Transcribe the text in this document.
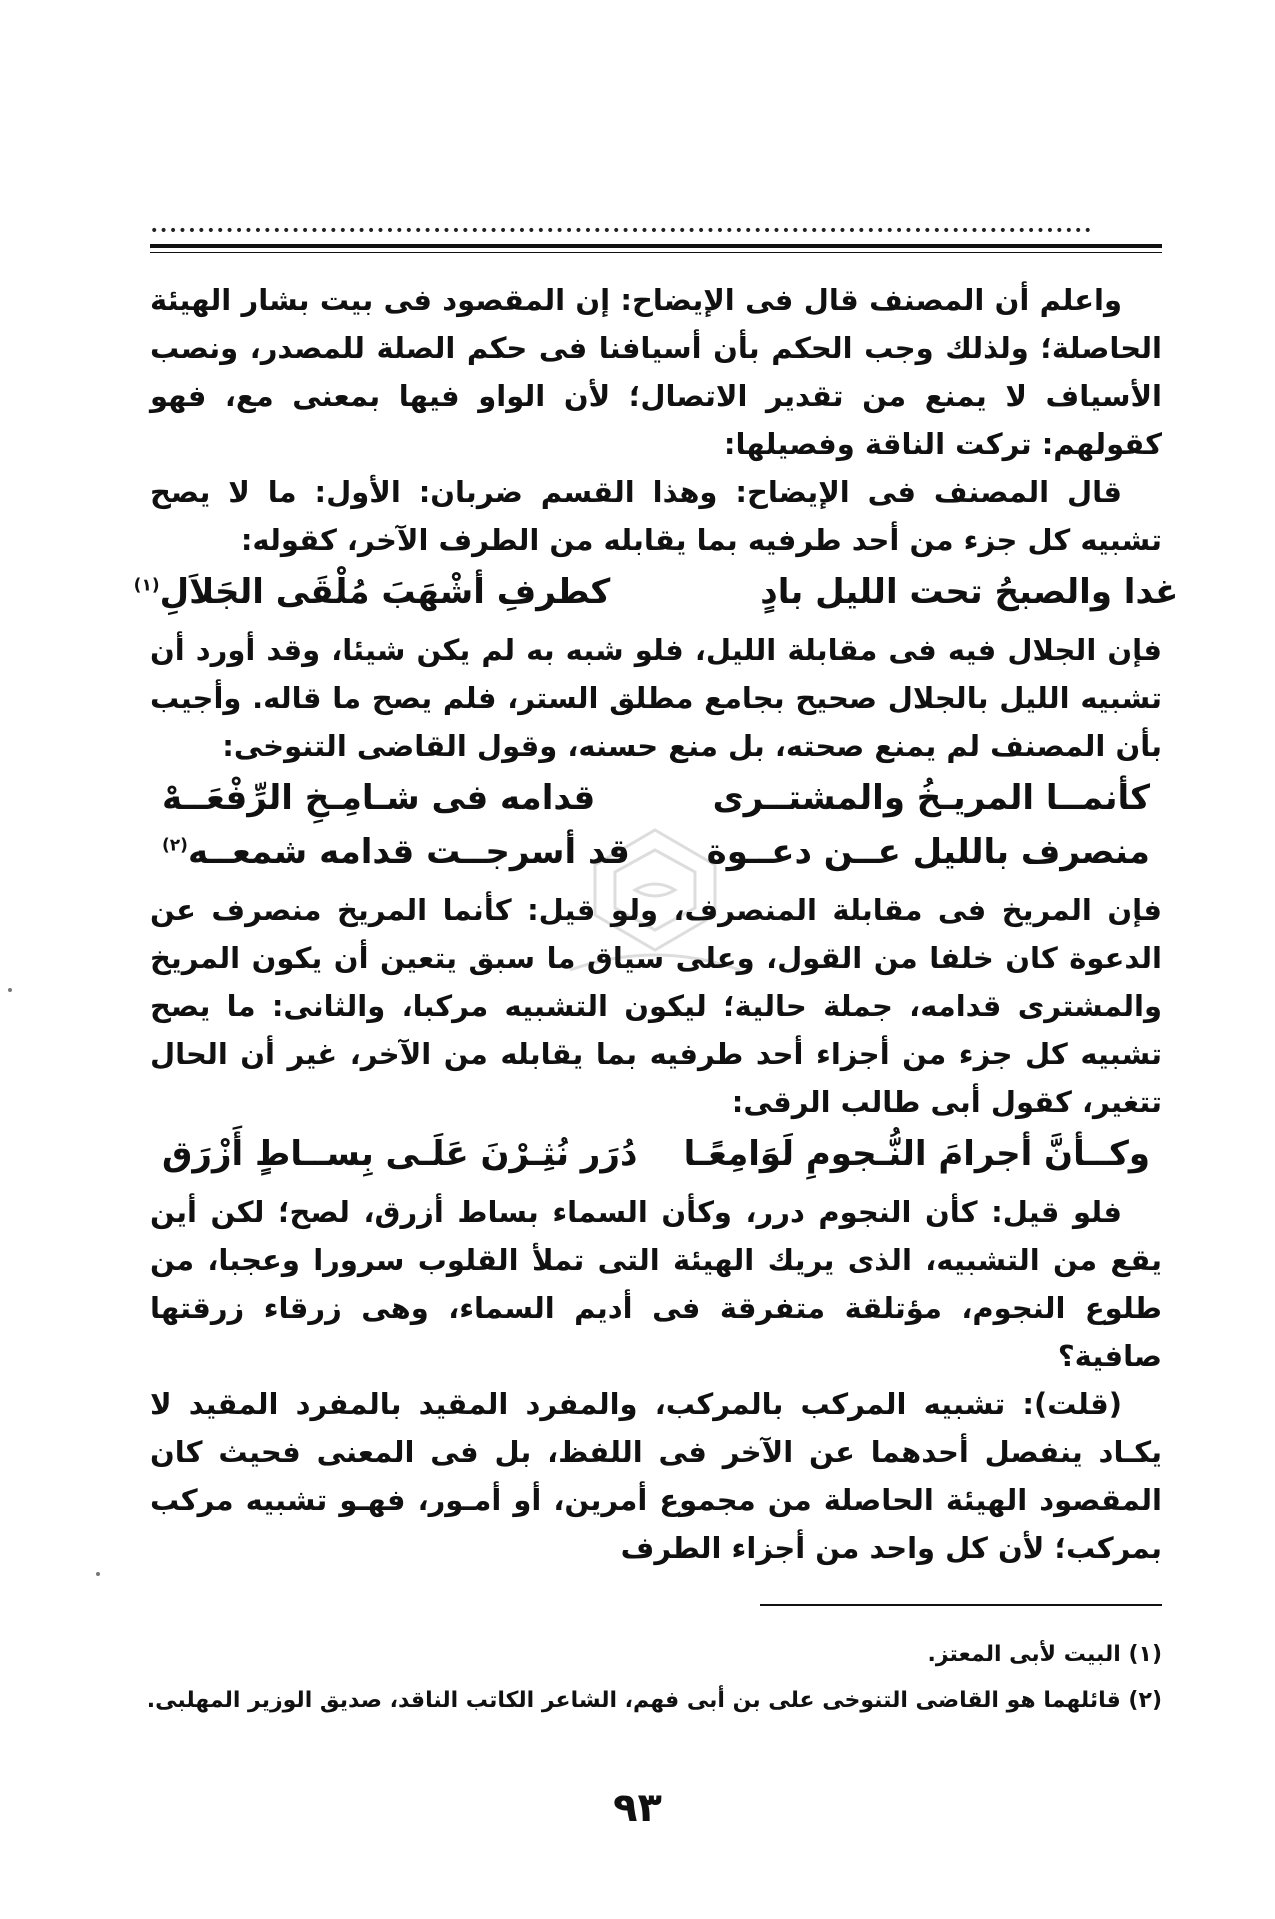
••••••••••••••••••••••••••••••••••••••••••••••••••••••••••••••••••••••••••••••••••••••••••••••••••••

واعلم أن المصنف قال فى الإيضاح: إن المقصود فى بيت بشار الهيئة الحاصلة؛ ولذلك وجب الحكم بأن أسيافنا فى حكم الصلة للمصدر، ونصب الأسياف لا يمنع من تقدير الاتصال؛ لأن الواو فيها بمعنى مع، فهو كقولهم: تركت الناقة وفصيلها:

قال المصنف فى الإيضاح: وهذا القسم ضربان: الأول: ما لا يصح تشبيه كل جزء من أحد طرفيه بما يقابله من الطرف الآخر، كقوله:

غدا والصبحُ تحت الليل بادٍ
كطرفِ أشْهَبَ مُلْقَى الجَلاَلِ$^{(١)}$

فإن الجلال فيه فى مقابلة الليل، فلو شبه به لم يكن شيئا، وقد أورد أن تشبيه الليل بالجلال صحيح بجامع مطلق الستر، فلم يصح ما قاله. وأجيب بأن المصنف لم يمنع صحته، بل منع حسنه، وقول القاضى التنوخى:

كأنمــا المريـخُ والمشتــرى
قدامه فى شـامِـخِ الرِّفْعَــهْ
منصرف بالليل عــن دعــوة
قد أسرجــت قدامه شمعــه$^{(٢)}$

فإن المريخ فى مقابلة المنصرف، ولو قيل: كأنما المريخ منصرف عن الدعوة كان خلفا من القول، وعلى سياق ما سبق يتعين أن يكون المريخ والمشترى قدامه، جملة حالية؛ ليكون التشبيه مركبا، والثانى: ما يصح تشبيه كل جزء من أجزاء أحد طرفيه بما يقابله من الآخر، غير أن الحال تتغير، كقول أبى طالب الرقى:

وكــأنَّ أجرامَ النُّـجومِ لَوَامِعًـا
دُرَر نُثِـرْنَ عَلَـى بِســاطٍ أَزْرَق

فلو قيل: كأن النجوم درر، وكأن السماء بساط أزرق، لصح؛ لكن أين يقع من التشبيه، الذى يريك الهيئة التى تملأ القلوب سرورا وعجبا، من طلوع النجوم، مؤتلقة متفرقة فى أديم السماء، وهى زرقاء زرقتها صافية؟

(قلت): تشبيه المركب بالمركب، والمفرد المقيد بالمفرد المقيد لا يكـاد ينفصل أحدهما عن الآخر فى اللفظ، بل فى المعنى فحيث كان المقصود الهيئة الحاصلة من مجموع أمرين، أو أمـور، فهـو تشبيه مركب بمركب؛ لأن كل واحد من أجزاء الطرف

(١) البيت لأبى المعتز.
(٢) قائلهما هو القاضى التنوخى على بن أبى فهم، الشاعر الكاتب الناقد، صديق الوزير المهلبى.
٩٣
